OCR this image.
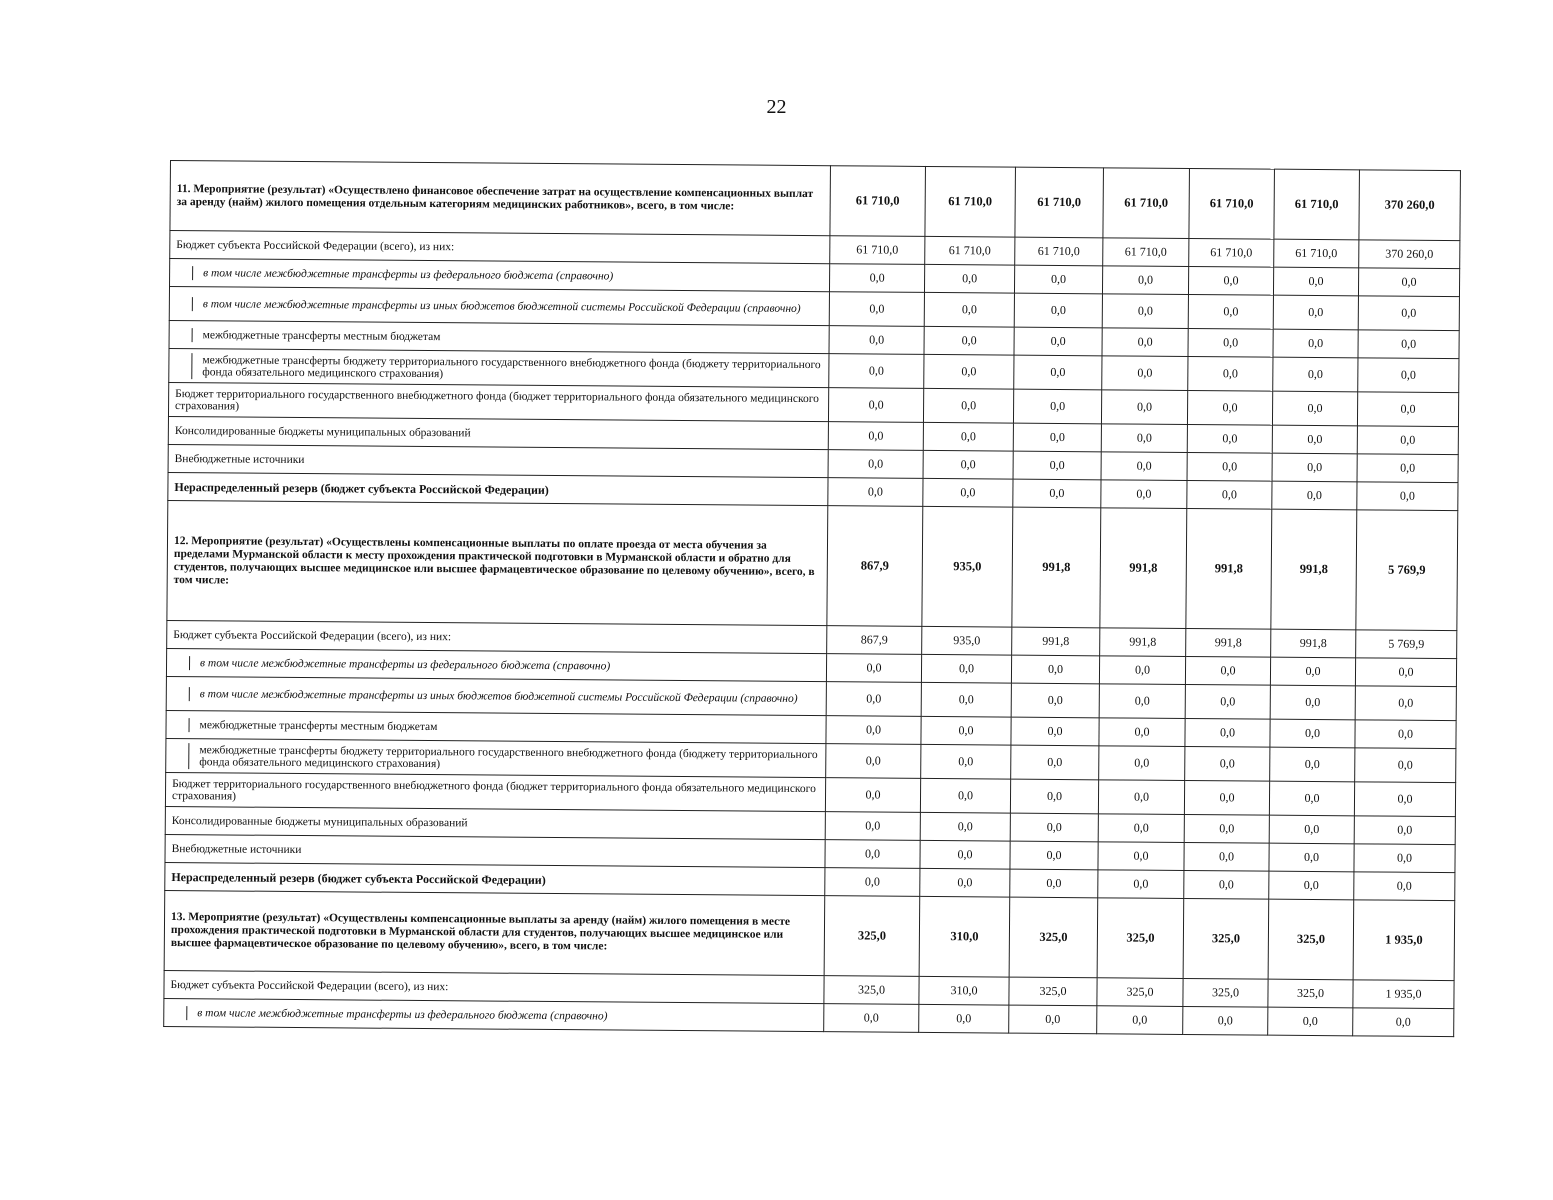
22
11. Мероприятие (результат) «Осуществлено финансовое обеспечение затрат на осуществление компенсационных выплат за аренду (найм) жилого помещения отдельным категориям медицинских работников», всего, в том числе:	61 710,0	61 710,0	61 710,0	61 710,0	61 710,0	61 710,0	370 260,0

Бюджет субъекта Российской Федерации (всего), из них:	61 710,0	61 710,0	61 710,0	61 710,0	61 710,0	61 710,0	370 260,0

в том числе межбюджетные трансферты из федерального бюджета (справочно)	0,0	0,0	0,0	0,0	0,0	0,0	0,0

в том числе межбюджетные трансферты из иных бюджетов бюджетной системы Российской Федерации (справочно)	0,0	0,0	0,0	0,0	0,0	0,0	0,0

межбюджетные трансферты местным бюджетам	0,0	0,0	0,0	0,0	0,0	0,0	0,0

межбюджетные трансферты бюджету территориального государственного внебюджетного фонда (бюджету территориального фонда обязательного медицинского страхования)	0,0	0,0	0,0	0,0	0,0	0,0	0,0

Бюджет территориального государственного внебюджетного фонда (бюджет территориального фонда обязательного медицинского страхования)	0,0	0,0	0,0	0,0	0,0	0,0	0,0

Консолидированные бюджеты муниципальных образований	0,0	0,0	0,0	0,0	0,0	0,0	0,0

Внебюджетные источники	0,0	0,0	0,0	0,0	0,0	0,0	0,0

Нераспределенный резерв (бюджет субъекта Российской Федерации)	0,0	0,0	0,0	0,0	0,0	0,0	0,0

12. Мероприятие (результат) «Осуществлены компенсационные выплаты по оплате проезда от места обучения за пределами Мурманской области к месту прохождения практической подготовки в Мурманской области и обратно для студентов, получающих высшее медицинское или высшее фармацевтическое образование по целевому обучению», всего, в том числе:	867,9	935,0	991,8	991,8	991,8	991,8	5 769,9

Бюджет субъекта Российской Федерации (всего), из них:	867,9	935,0	991,8	991,8	991,8	991,8	5 769,9

в том числе межбюджетные трансферты из федерального бюджета (справочно)	0,0	0,0	0,0	0,0	0,0	0,0	0,0

в том числе межбюджетные трансферты из иных бюджетов бюджетной системы Российской Федерации (справочно)	0,0	0,0	0,0	0,0	0,0	0,0	0,0

межбюджетные трансферты местным бюджетам	0,0	0,0	0,0	0,0	0,0	0,0	0,0

межбюджетные трансферты бюджету территориального государственного внебюджетного фонда (бюджету территориального фонда обязательного медицинского страхования)	0,0	0,0	0,0	0,0	0,0	0,0	0,0

Бюджет территориального государственного внебюджетного фонда (бюджет территориального фонда обязательного медицинского страхования)	0,0	0,0	0,0	0,0	0,0	0,0	0,0

Консолидированные бюджеты муниципальных образований	0,0	0,0	0,0	0,0	0,0	0,0	0,0

Внебюджетные источники	0,0	0,0	0,0	0,0	0,0	0,0	0,0

Нераспределенный резерв (бюджет субъекта Российской Федерации)	0,0	0,0	0,0	0,0	0,0	0,0	0,0

13. Мероприятие (результат) «Осуществлены компенсационные выплаты за аренду (найм) жилого помещения в месте прохождения практической подготовки в Мурманской области для студентов, получающих высшее медицинское или высшее фармацевтическое образование по целевому обучению», всего, в том числе:	325,0	310,0	325,0	325,0	325,0	325,0	1 935,0

Бюджет субъекта Российской Федерации (всего), из них:	325,0	310,0	325,0	325,0	325,0	325,0	1 935,0

в том числе межбюджетные трансферты из федерального бюджета (справочно)	0,0	0,0	0,0	0,0	0,0	0,0	0,0
